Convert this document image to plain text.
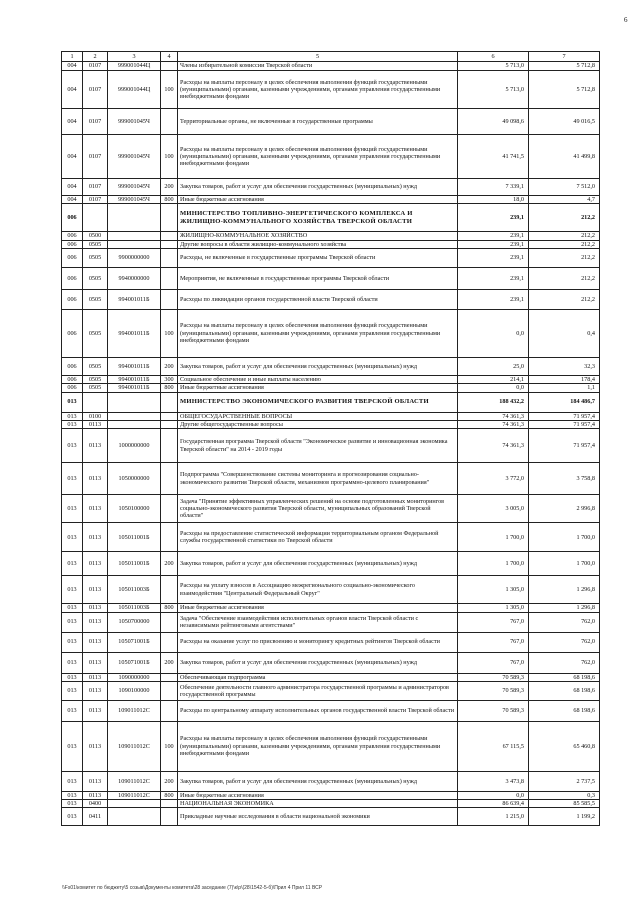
6
1	2	3	4	5	6	7
004	0107	999001044Ц		Члены избирательной комиссии Тверской области	5 713,0	5 712,8
004	0107	999001044Ц	100	Расходы на выплаты персоналу в целях обеспечения выполнения функций государственными (муниципальными) органами, казенными учреждениями, органами управления государственными внебюджетными фондами	5 713,0	5 712,8
004	0107	999001045Ч		Территориальные органы, не включенные в государственные программы	49 098,6	49 016,5
004	0107	999001045Ч	100	Расходы на выплаты персоналу в целях обеспечения выполнения функций государственными (муниципальными) органами, казенными учреждениями, органами управления государственными внебюджетными фондами	41 741,5	41 499,8
004	0107	999001045Ч	200	Закупка товаров, работ и услуг для обеспечения государственных (муниципальных) нужд	7 339,1	7 512,0
004	0107	999001045Ч	800	Иные бюджетные ассигнования	18,0	4,7
006				МИНИСТЕРСТВО ТОПЛИВНО-ЭНЕРГЕТИЧЕСКОГО КОМПЛЕКСА И ЖИЛИЩНО-КОММУНАЛЬНОГО ХОЗЯЙСТВА ТВЕРСКОЙ ОБЛАСТИ	239,1	212,2
006	0500			ЖИЛИЩНО-КОММУНАЛЬНОЕ ХОЗЯЙСТВО	239,1	212,2
006	0505			Другие вопросы в области жилищно-коммунального хозяйства	239,1	212,2
006	0505	9900000000		Расходы, не включенные в государственные программы Тверской области	239,1	212,2
006	0505	9940000000		Мероприятия, не включенные в государственные программы Тверской области	239,1	212,2
006	0505	994001011Б		Расходы по ликвидации органов государственной власти Тверской области	239,1	212,2
006	0505	994001011Б	100	Расходы на выплаты персоналу в целях обеспечения выполнения функций государственными (муниципальными) органами, казенными учреждениями, органами управления государственными внебюджетными фондами	0,0	0,4
006	0505	994001011Б	200	Закупка товаров, работ и услуг для обеспечения государственных (муниципальных) нужд	25,0	32,3
006	0505	994001011Б	300	Социальное обеспечение и иные выплаты населению	214,1	178,4
006	0505	994001011Б	800	Иные бюджетные ассигнования	0,0	1,1
013				МИНИСТЕРСТВО ЭКОНОМИЧЕСКОГО РАЗВИТИЯ ТВЕРСКОЙ ОБЛАСТИ	188 432,2	184 486,7
013	0100			ОБЩЕГОСУДАРСТВЕННЫЕ ВОПРОСЫ	74 361,3	71 957,4
013	0113			Другие общегосударственные вопросы	74 361,3	71 957,4
013	0113	1000000000		Государственная программа Тверской области "Экономическое развитие и инновационная экономика Тверской области" на 2014 - 2019 годы	74 361,3	71 957,4
013	0113	1050000000		Подпрограмма "Совершенствование системы мониторинга и прогнозирования социально-экономического развития Тверской области, механизмов программно-целевого планирования"	3 772,0	3 758,8
013	0113	1050100000		Задача "Принятие эффективных управленческих решений на основе подготовленных мониторингов социально-экономического развития Тверской области, муниципальных образований Тверской области"	3 005,0	2 996,8
013	0113	105011001Б		Расходы на предоставление статистической информации территориальным органом Федеральной службы государственной статистики по Тверской области	1 700,0	1 700,0
013	0113	105011001Б	200	Закупка товаров, работ и услуг для обеспечения государственных (муниципальных) нужд	1 700,0	1 700,0
013	0113	105011003Б		Расходы на уплату взносов в Ассоциацию межрегионального социально-экономического взаимодействия "Центральный Федеральный Округ"	1 305,0	1 296,8
013	0113	105011003Б	800	Иные бюджетные ассигнования	1 305,0	1 296,8
013	0113	1050700000		Задача "Обеспечение взаимодействия исполнительных органов власти Тверской области с независимыми рейтинговыми агентствами"	767,0	762,0
013	0113	105071001Б		Расходы на оказание услуг по присвоению и мониторингу кредитных рейтингов Тверской области	767,0	762,0
013	0113	105071001Б	200	Закупка товаров, работ и услуг для обеспечения государственных (муниципальных) нужд	767,0	762,0
013	0113	1090000000		Обеспечивающая подпрограмма	70 589,3	68 198,6
013	0113	1090100000		Обеспечение деятельности главного администратора государственной программы и администраторов государственной программы	70 589,3	68 198,6
013	0113	109011012С		Расходы по центральному аппарату исполнительных органов государственной власти Тверской области	70 589,3	68 198,6
013	0113	109011012С	100	Расходы на выплаты персоналу в целях обеспечения выполнения функций государственными (муниципальными) органами, казенными учреждениями, органами управления государственными внебюджетными фондами	67 115,5	65 460,8
013	0113	109011012С	200	Закупка товаров, работ и услуг для обеспечения государственных (муниципальных) нужд	3 473,8	2 737,5
013	0113	109011012С	800	Иные бюджетные ассигнования	0,0	0,3
013	0400			НАЦИОНАЛЬНАЯ ЭКОНОМИКА	86 639,4	85 585,5
013	0411			Прикладные научные исследования в области национальной экономики	1 215,0	1 199,2
\\Fs01\комитет по бюджету\5 созыв\Документы комитета\28 заседание (7)\к\p\(28\1542-5-б)\Прил 4 Прил 11 ВСР
